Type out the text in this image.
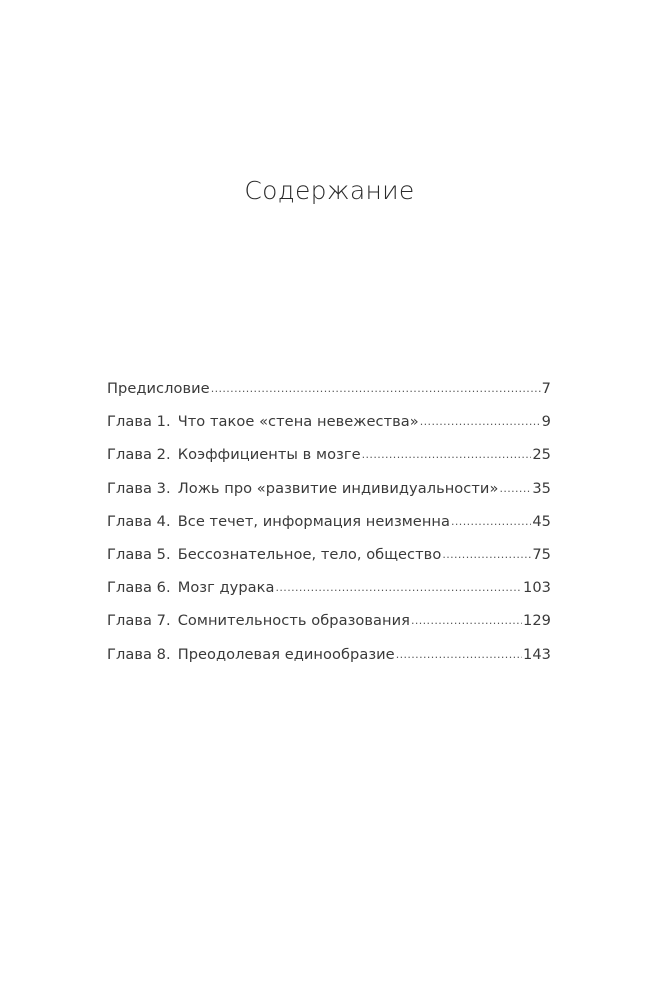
Содержание
Предисловие .....	7
Глава 1. Что такое «стена невежества» .....	9
Глава 2. Коэффициенты в мозге .....	25
Глава 3. Ложь про «развитие индивидуальности» ..... 35
Глава 4. Все течет, информация неизменна .....	45
Глава 5. Бессознательное, тело, общество .....	75
Глава 6. Мозг дурака .....	103
Глава 7. Сомнительность образования .....	129
Глава 8. Преодолевая единообразие .....	143
